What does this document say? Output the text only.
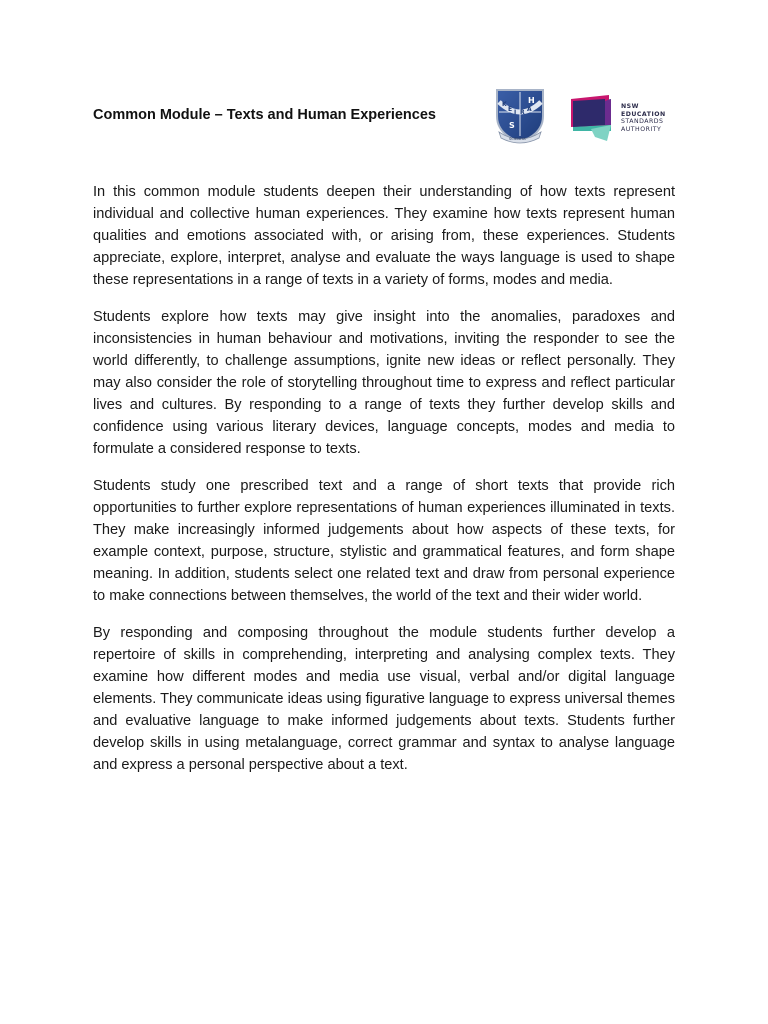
Common Module – Texts and Human Experiences
K
E I R A
H
S
SCIENTIA
NSW
EDUCATION
STANDARDS
AUTHORITY

In this common module students deepen their understanding of how texts represent individual and collective human experiences. They examine how texts represent human qualities and emotions associated with, or arising from, these experiences. Students appreciate, explore, interpret, analyse and evaluate the ways language is used to shape these representations in a range of texts in a variety of forms, modes and media.

Students explore how texts may give insight into the anomalies, paradoxes and inconsistencies in human behaviour and motivations, inviting the responder to see the world differently, to challenge assumptions, ignite new ideas or reflect personally. They may also consider the role of storytelling throughout time to express and reflect particular lives and cultures. By responding to a range of texts they further develop skills and confidence using various literary devices, language concepts, modes and media to formulate a considered response to texts.

Students study one prescribed text and a range of short texts that provide rich opportunities to further explore representations of human experiences illuminated in texts. They make increasingly informed judgements about how aspects of these texts, for example context, purpose, structure, stylistic and grammatical features, and form shape meaning. In addition, students select one related text and draw from personal experience to make connections between themselves, the world of the text and their wider world.

By responding and composing throughout the module students further develop a repertoire of skills in comprehending, interpreting and analysing complex texts. They examine how different modes and media use visual, verbal and/or digital language elements. They communicate ideas using figurative language to express universal themes and evaluative language to make informed judgements about texts. Students further develop skills in using metalanguage, correct grammar and syntax to analyse language and express a personal perspective about a text.
